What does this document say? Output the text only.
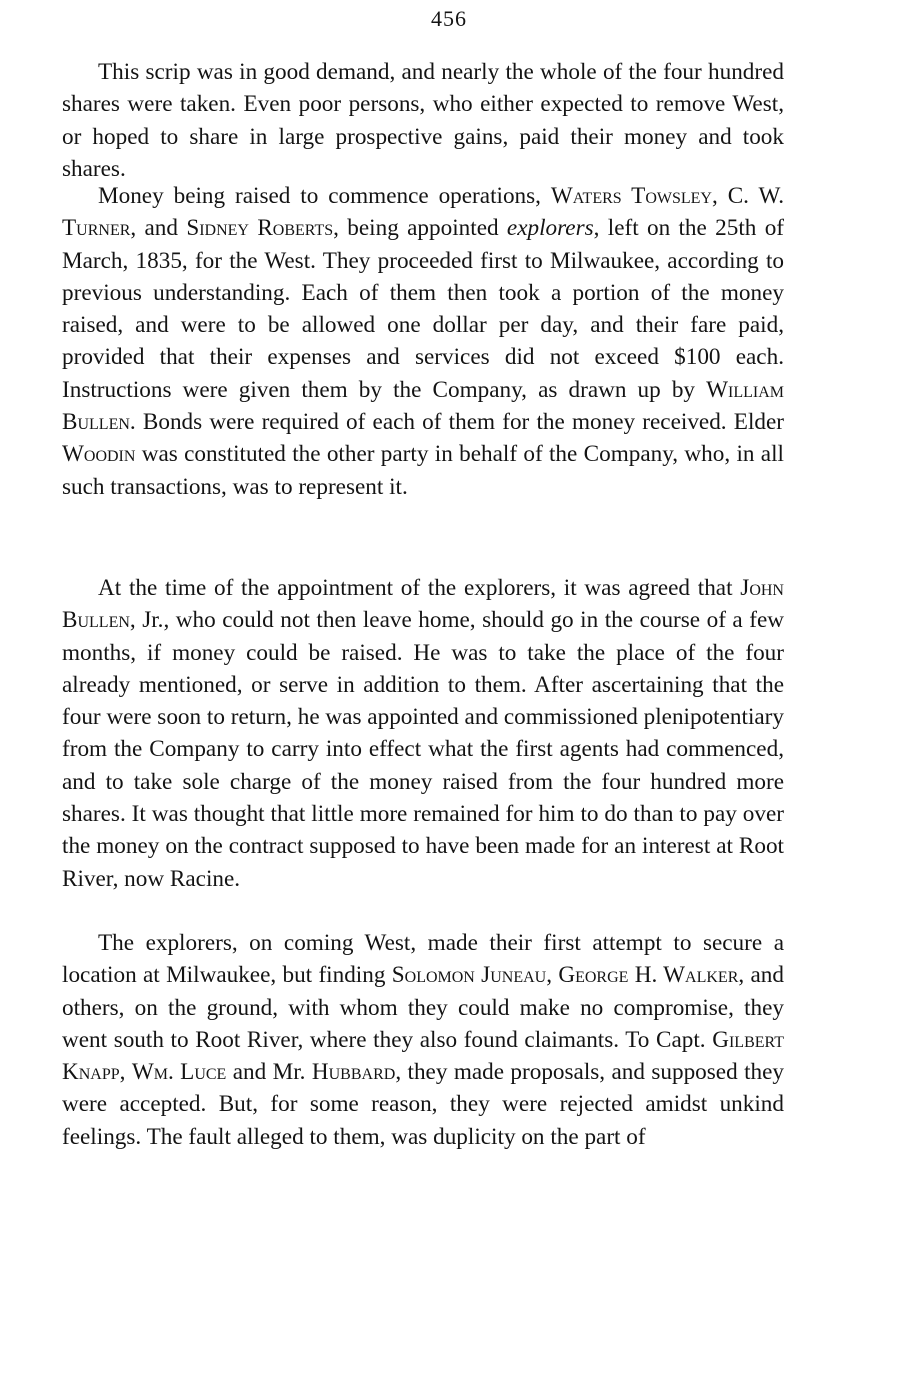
456

This scrip was in good demand, and nearly the whole of the four hundred shares were taken. Even poor persons, who either expected to remove West, or hoped to share in large prospective gains, paid their money and took shares.

Money being raised to commence operations, Waters Towsley, C. W. Turner, and Sidney Roberts, being appointed explorers, left on the 25th of March, 1835, for the West. They proceeded first to Milwaukee, according to previous understanding. Each of them then took a portion of the money raised, and were to be allowed one dollar per day, and their fare paid, provided that their expenses and services did not exceed $100 each. Instructions were given them by the Company, as drawn up by William Bullen. Bonds were required of each of them for the money received. Elder Woodin was constituted the other party in behalf of the Company, who, in all such transactions, was to represent it.

At the time of the appointment of the explorers, it was agreed that John Bullen, Jr., who could not then leave home, should go in the course of a few months, if money could be raised. He was to take the place of the four already mentioned, or serve in addition to them. After ascertaining that the four were soon to return, he was appointed and commissioned plenipotentiary from the Company to carry into effect what the first agents had commenced, and to take sole charge of the money raised from the four hundred more shares. It was thought that little more remained for him to do than to pay over the money on the contract supposed to have been made for an interest at Root River, now Racine.

The explorers, on coming West, made their first attempt to secure a location at Milwaukee, but finding Solomon Juneau, George H. Walker, and others, on the ground, with whom they could make no compromise, they went south to Root River, where they also found claimants. To Capt. Gilbert Knapp, Wm. Luce and Mr. Hubbard, they made proposals, and supposed they were accepted. But, for some reason, they were rejected amidst unkind feelings. The fault alleged to them, was duplicity on the part of
